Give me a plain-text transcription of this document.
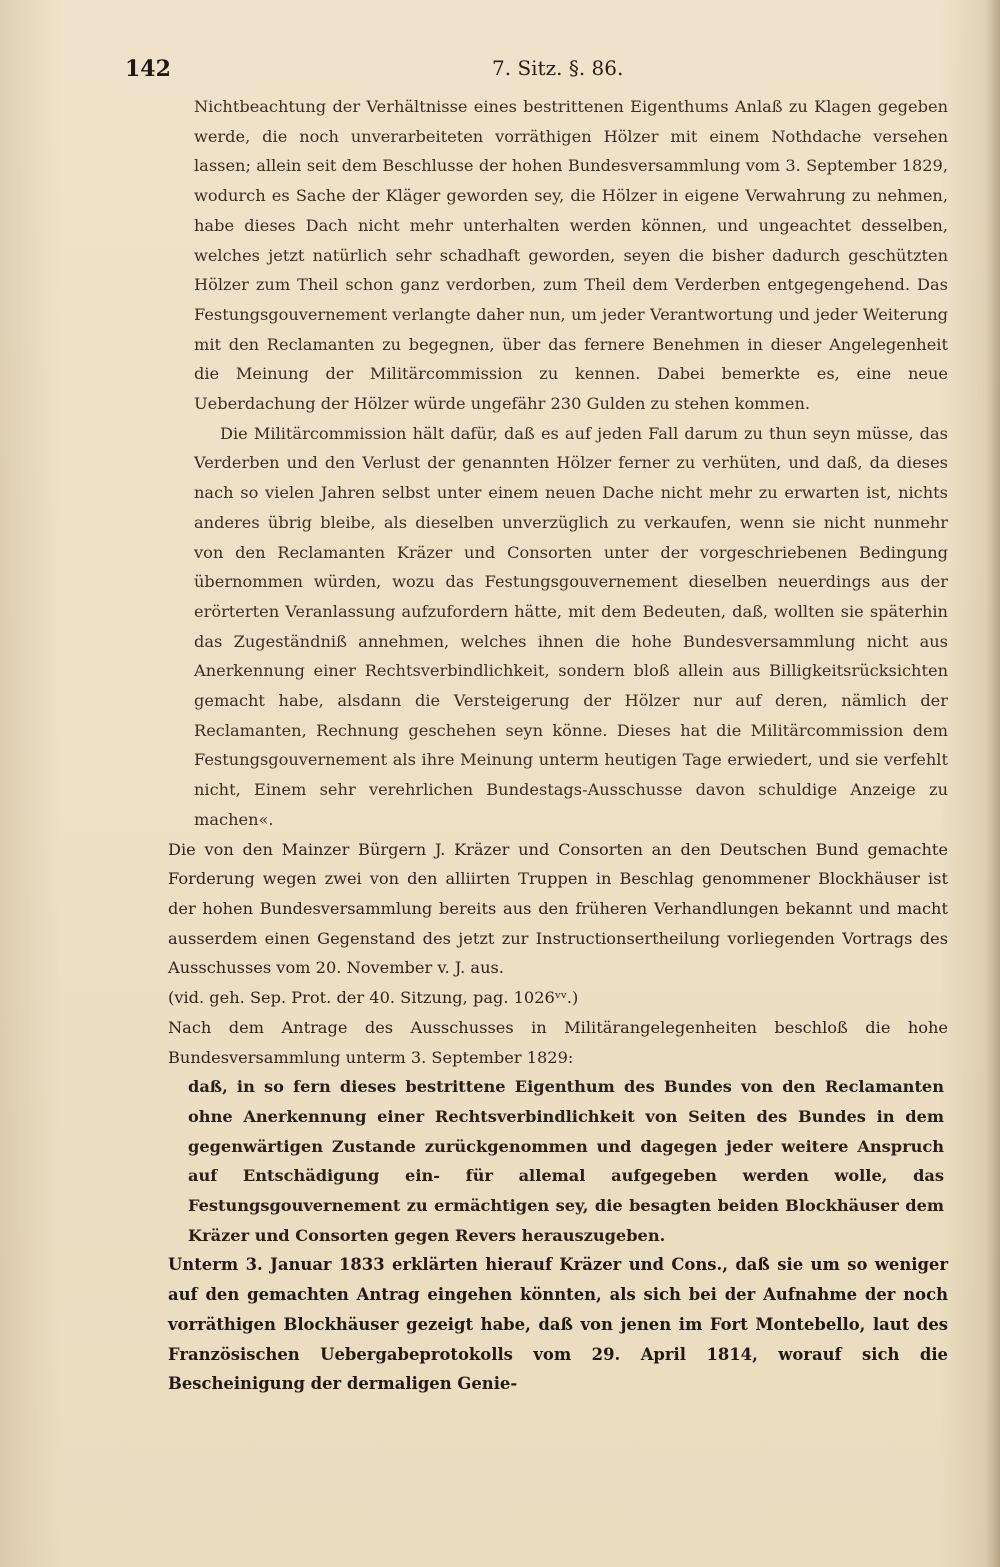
142	7. Sitz. §. 86.

Nichtbeachtung der Verhältnisse eines bestrittenen Eigenthums Anlaß zu Klagen gegeben werde, die noch unverarbeiteten vorräthigen Hölzer mit einem Nothdache versehen lassen; allein seit dem Beschlusse der hohen Bundesversammlung vom 3. September 1829, wodurch es Sache der Kläger geworden sey, die Hölzer in eigene Verwahrung zu nehmen, habe dieses Dach nicht mehr unterhalten werden können, und ungeachtet desselben, welches jetzt natürlich sehr schadhaft geworden, seyen die bisher dadurch geschützten Hölzer zum Theil schon ganz verdorben, zum Theil dem Verderben entgegengehend. Das Festungsgouvernement verlangte daher nun, um jeder Verantwortung und jeder Weiterung mit den Reclamanten zu begegnen, über das fernere Benehmen in dieser Angelegenheit die Meinung der Militärcommission zu kennen. Dabei bemerkte es, eine neue Ueberdachung der Hölzer würde ungefähr 230 Gulden zu stehen kommen.

Die Militärcommission hält dafür, daß es auf jeden Fall darum zu thun seyn müsse, das Verderben und den Verlust der genannten Hölzer ferner zu verhüten, und daß, da dieses nach so vielen Jahren selbst unter einem neuen Dache nicht mehr zu erwarten ist, nichts anderes übrig bleibe, als dieselben unverzüglich zu verkaufen, wenn sie nicht nunmehr von den Reclamanten Kräzer und Consorten unter der vorgeschriebenen Bedingung übernommen würden, wozu das Festungsgouvernement dieselben neuerdings aus der erörterten Veranlassung aufzufordern hätte, mit dem Bedeuten, daß, wollten sie späterhin das Zugeständniß annehmen, welches ihnen die hohe Bundesversammlung nicht aus Anerkennung einer Rechtsverbindlichkeit, sondern bloß allein aus Billigkeitsrücksichten gemacht habe, alsdann die Versteigerung der Hölzer nur auf deren, nämlich der Reclamanten, Rechnung geschehen seyn könne. Dieses hat die Militärcommission dem Festungsgouvernement als ihre Meinung unterm heutigen Tage erwiedert, und sie verfehlt nicht, Einem sehr verehrlichen Bundestags-Ausschusse davon schuldige Anzeige zu machen«.

Die von den Mainzer Bürgern J. Kräzer und Consorten an den Deutschen Bund gemachte Forderung wegen zwei von den alliirten Truppen in Beschlag genommener Blockhäuser ist der hohen Bundesversammlung bereits aus den früheren Verhandlungen bekannt und macht ausserdem einen Gegenstand des jetzt zur Instructionsertheilung vorliegenden Vortrags des Ausschusses vom 20. November v. J. aus.

(vid. geh. Sep. Prot. der 40. Sitzung, pag. 1026ᵛᵛ.)

Nach dem Antrage des Ausschusses in Militärangelegenheiten beschloß die hohe Bundesversammlung unterm 3. September 1829:

daß, in so fern dieses bestrittene Eigenthum des Bundes von den Reclamanten ohne Anerkennung einer Rechtsverbindlichkeit von Seiten des Bundes in dem gegenwärtigen Zustande zurückgenommen und dagegen jeder weitere Anspruch auf Entschädigung ein- für allemal aufgegeben werden wolle, das Festungsgouvernement zu ermächtigen sey, die besagten beiden Blockhäuser dem Kräzer und Consorten gegen Revers herauszugeben.

Unterm 3. Januar 1833 erklärten hierauf Kräzer und Cons., daß sie um so weniger auf den gemachten Antrag eingehen könnten, als sich bei der Aufnahme der noch vorräthigen Blockhäuser gezeigt habe, daß von jenen im Fort Montebello, laut des Französischen Uebergabeprotokolls vom 29. April 1814, worauf sich die Bescheinigung der dermaligen Genie-
